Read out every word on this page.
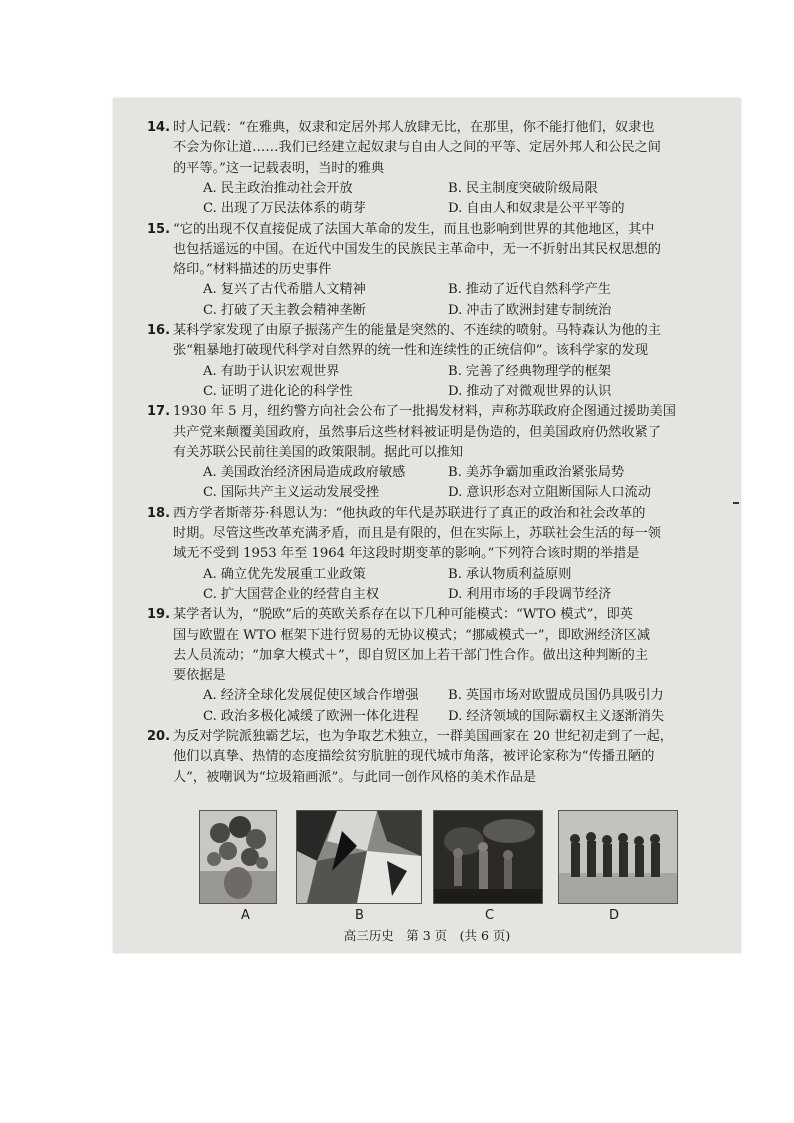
14. 时人记载：“在雅典，奴隶和定居外邦人放肆无比，在那里，你不能打他们，奴隶也
不会为你让道……我们已经建立起奴隶与自由人之间的平等、定居外邦人和公民之间
的平等。”这一记载表明，当时的雅典
A. 民主政治推动社会开放	B. 民主制度突破阶级局限
C. 出现了万民法体系的萌芽	D. 自由人和奴隶是公平平等的
15. “它的出现不仅直接促成了法国大革命的发生，而且也影响到世界的其他地区，其中
也包括遥远的中国。在近代中国发生的民族民主革命中，无一不折射出其民权思想的
烙印。”材料描述的历史事件
A. 复兴了古代希腊人文精神	B. 推动了近代自然科学产生
C. 打破了天主教会精神垄断	D. 冲击了欧洲封建专制统治
16. 某科学家发现了由原子振荡产生的能量是突然的、不连续的喷射。马特森认为他的主
张“粗暴地打破现代科学对自然界的统一性和连续性的正统信仰”。该科学家的发现
A. 有助于认识宏观世界	B. 完善了经典物理学的框架
C. 证明了进化论的科学性	D. 推动了对微观世界的认识
17. 1930 年 5 月，纽约警方向社会公布了一批揭发材料，声称苏联政府企图通过援助美国
共产党来颠覆美国政府，虽然事后这些材料被证明是伪造的，但美国政府仍然收紧了
有关苏联公民前往美国的政策限制。据此可以推知
A. 美国政治经济困局造成政府敏感	B. 美苏争霸加重政治紧张局势
C. 国际共产主义运动发展受挫	D. 意识形态对立阻断国际人口流动
18. 西方学者斯蒂芬·科恩认为：“他执政的年代是苏联进行了真正的政治和社会改革的
时期。尽管这些改革充满矛盾，而且是有限的，但在实际上，苏联社会生活的每一领
域无不受到 1953 年至 1964 年这段时期变革的影响。”下列符合该时期的举措是
A. 确立优先发展重工业政策	B. 承认物质利益原则
C. 扩大国营企业的经营自主权	D. 利用市场的手段调节经济
19. 某学者认为，“脱欧”后的英欧关系存在以下几种可能模式：“WTO 模式”，即英
国与欧盟在 WTO 框架下进行贸易的无协议模式；“挪威模式一”，即欧洲经济区减
去人员流动；“加拿大模式＋”，即自贸区加上若干部门性合作。做出这种判断的主
要依据是
A. 经济全球化发展促使区域合作增强 B. 英国市场对欧盟成员国仍具吸引力
C. 政治多极化减缓了欧洲一体化进程 D. 经济领域的国际霸权主义逐渐消失
20. 为反对学院派独霸艺坛，也为争取艺术独立，一群美国画家在 20 世纪初走到了一起，
他们以真挚、热情的态度描绘贫穷肮脏的现代城市角落，被评论家称为“传播丑陋的
人”，被嘲讽为“垃圾箱画派”。与此同一创作风格的美术作品是
A	B	C	D
高三历史　第 3 页　(共 6 页)
